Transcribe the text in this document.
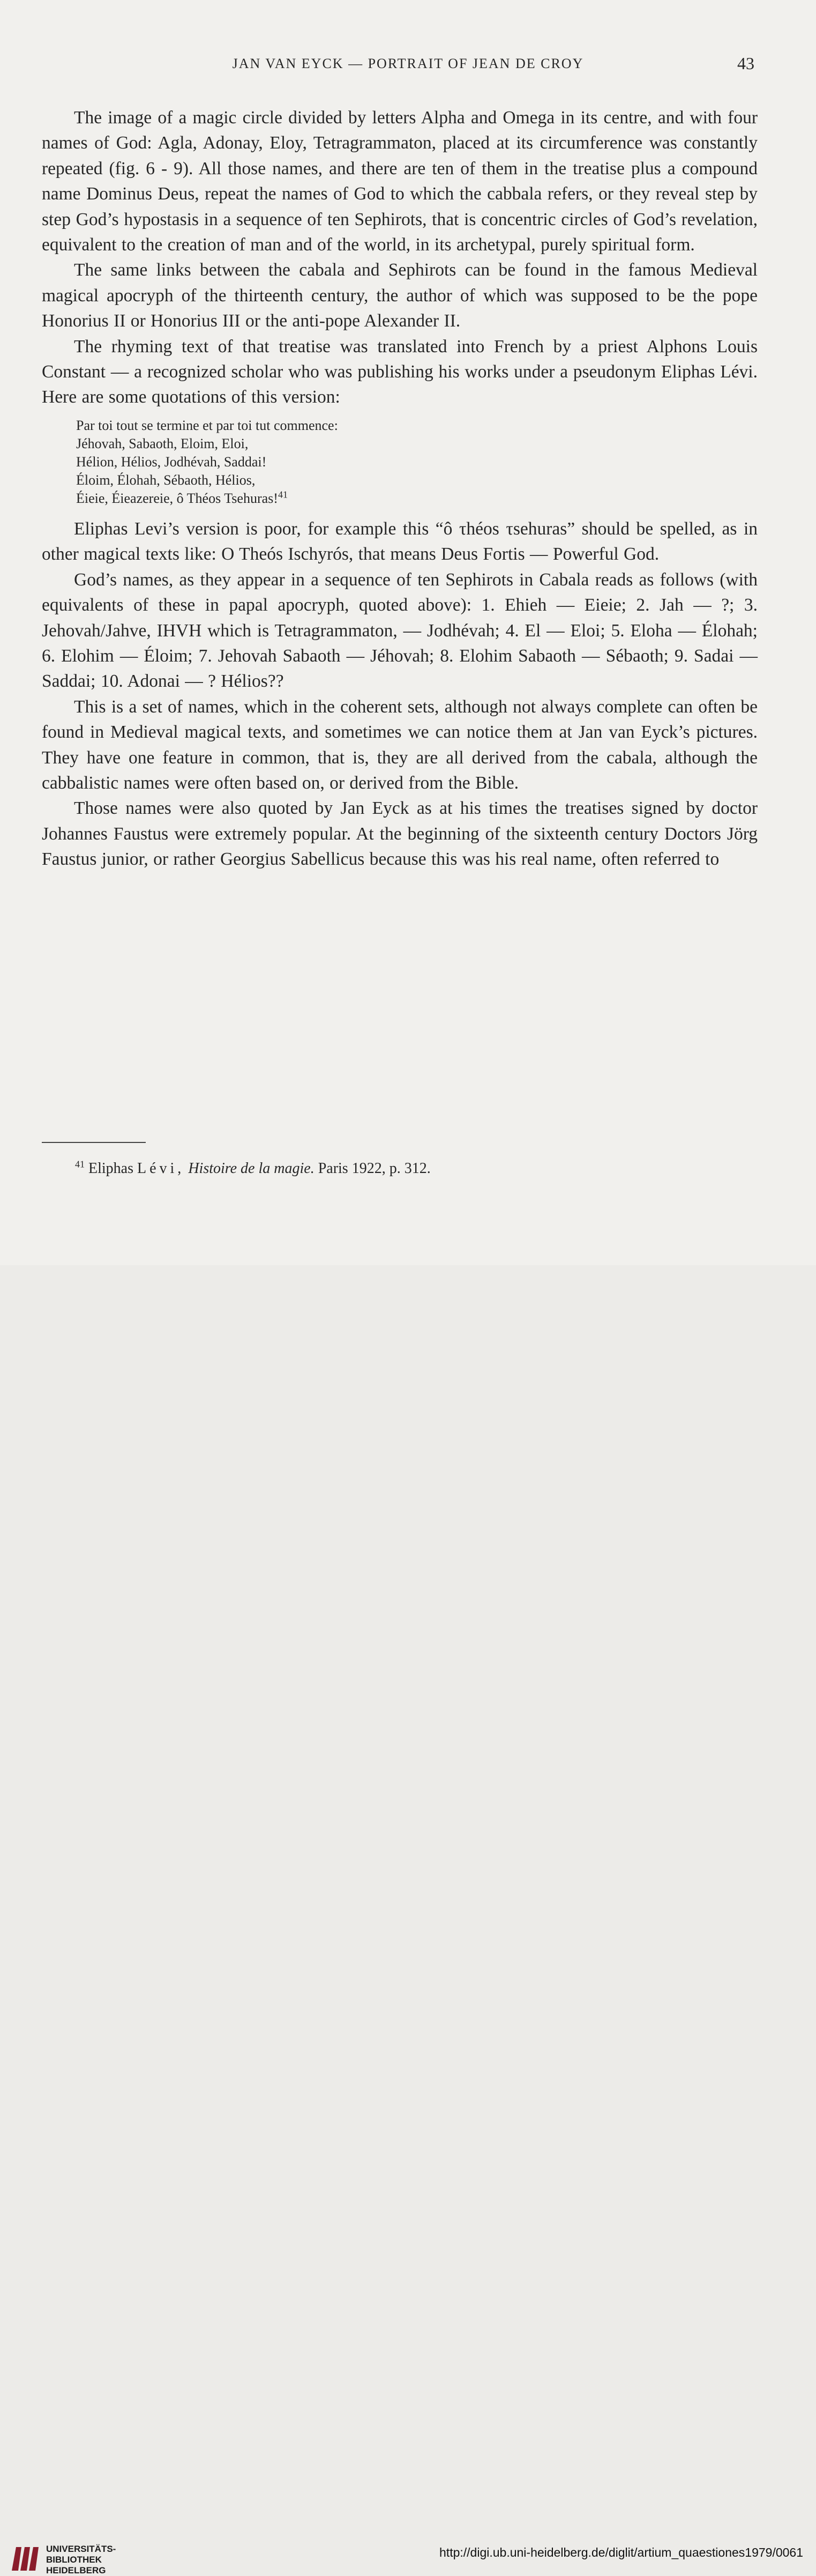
JAN VAN EYCK — PORTRAIT OF JEAN DE CROY	43

The image of a magic circle divided by letters Alpha and Omega in its centre, and with four names of God: Agla, Adonay, Eloy, Tetragrammaton, placed at its circumference was constantly repeated (fig. 6 - 9). All those names, and there are ten of them in the treatise plus a compound name Dominus Deus, repeat the names of God to which the cabbala refers, or they reveal step by step God’s hypostasis in a sequence of ten Sephirots, that is concentric circles of God’s revelation, equivalent to the creation of man and of the world, in its archetypal, purely spiritual form.

The same links between the cabala and Sephirots can be found in the famous Medieval magical apocryph of the thirteenth century, the author of which was supposed to be the pope Honorius II or Honorius III or the anti-pope Alexander II.

The rhyming text of that treatise was translated into French by a priest Alphons Louis Constant — a recognized scholar who was publishing his works under a pseudonym Eliphas Lévi. Here are some quotations of this version:

Par toi tout se termine et par toi tut commence:
Jéhovah, Sabaoth, Eloim, Eloi,
Hélion, Hélios, Jodhévah, Saddai!
Éloim, Élohah, Sébaoth, Hélios,
Éieie, Éieazereie, ô Théos Tsehuras!$^{41}$

Eliphas Levi’s version is poor, for example this “ô τhéos τsehuras” should be spelled, as in other magical texts like: O Theós Ischyrós, that means Deus Fortis — Powerful God.

God’s names, as they appear in a sequence of ten Sephirots in Cabala reads as follows (with equivalents of these in papal apocryph, quoted above): 1. Ehieh — Eieie; 2. Jah — ?; 3. Jehovah/Jahve, IHVH which is Tetragrammaton, — Jodhévah; 4. El — Eloi; 5. Eloha — Élohah; 6. Elohim — Éloim; 7. Jehovah Sabaoth — Jéhovah; 8. Elohim Sabaoth — Sébaoth; 9. Sadai — Saddai; 10. Adonai — ? Hélios??

This is a set of names, which in the coherent sets, although not always complete can often be found in Medieval magical texts, and sometimes we can notice them at Jan van Eyck’s pictures. They have one feature in common, that is, they are all derived from the cabala, although the cabbalistic names were often based on, or derived from the Bible.

Those names were also quoted by Jan Eyck as at his times the treatises signed by doctor Johannes Faustus were extremely popular. At the beginning of the sixteenth century Doctors Jörg Faustus junior, or rather Georgius Sabellicus because this was his real name, often referred to

$^{41}$ Eliphas Lévi, Histoire de la magie. Paris 1922, p. 312.
UNIVERSITÄTS-
BIBLIOTHEK
HEIDELBERG
http://digi.ub.uni-heidelberg.de/diglit/artium_quaestiones1979/0061
